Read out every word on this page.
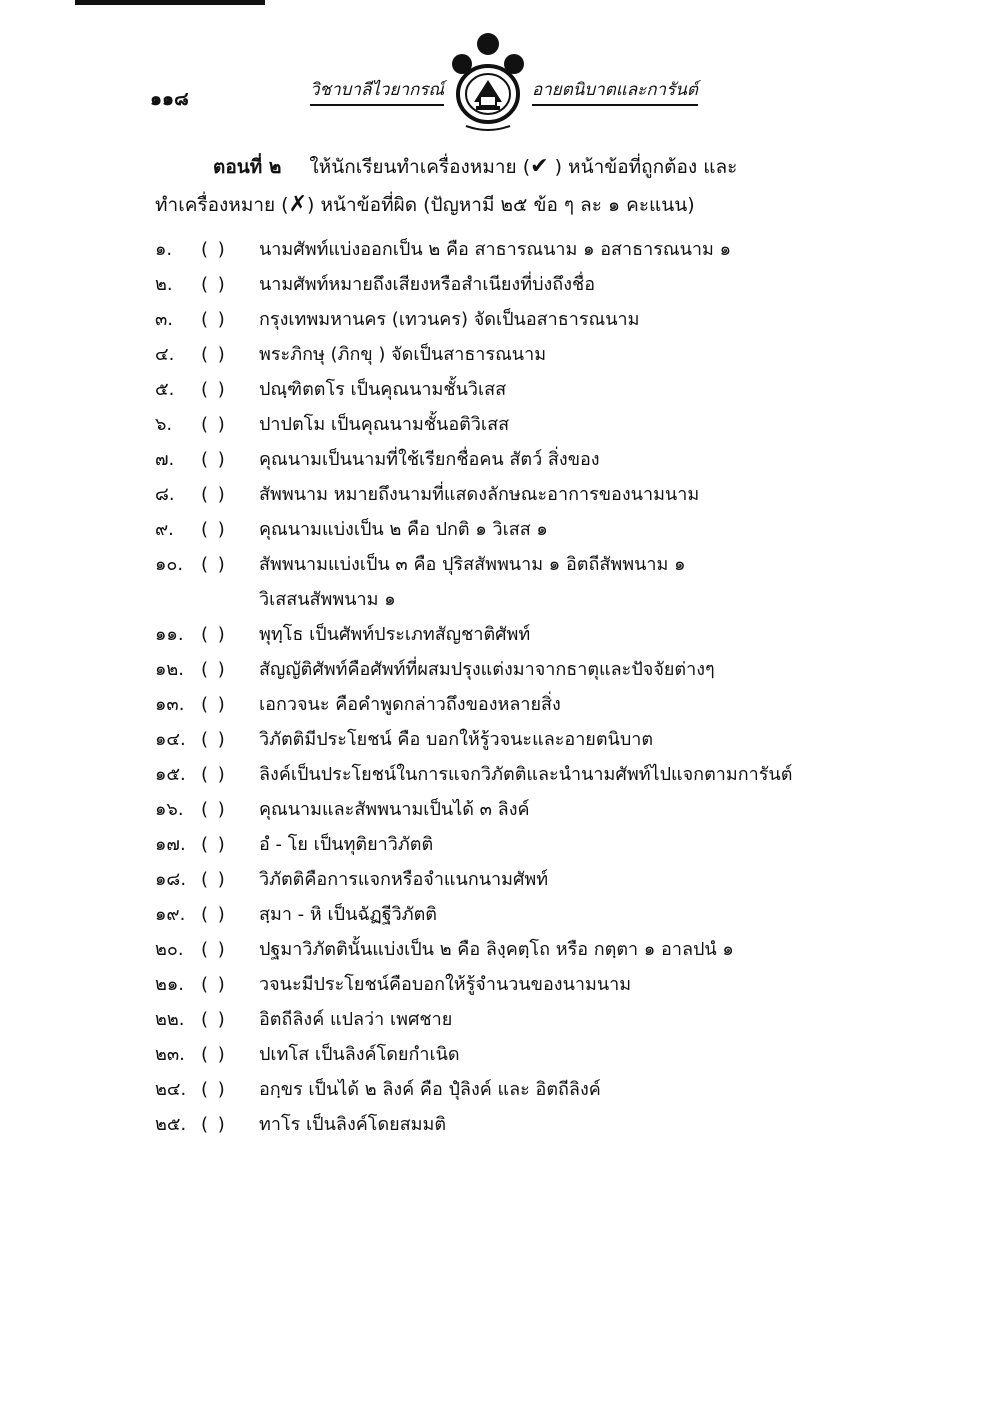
๑๑๘	วิชาบาลีไวยากรณ์	อายตนิบาตและการันต์
ตอนที่ ๒ ให้นักเรียนทำเครื่องหมาย (✔ ) หน้าข้อที่ถูกต้อง และ
ทำเครื่องหมาย (✗) หน้าข้อที่ผิด (ปัญหามี ๒๕ ข้อ ๆ ละ ๑ คะแนน)
๑.	( )	นามศัพท์แบ่งออกเป็น ๒ คือ สาธารณนาม ๑ อสาธารณนาม ๑
๒.	( )	นามศัพท์หมายถึงเสียงหรือสำเนียงที่บ่งถึงชื่อ
๓.	( )	กรุงเทพมหานคร (เทวนคร) จัดเป็นอสาธารณนาม
๔.	( )	พระภิกษุ (ภิกขุ ) จัดเป็นสาธารณนาม
๕.	( )	ปณฺฑิตตโร เป็นคุณนามชั้นวิเสส
๖.	( )	ปาปตโม เป็นคุณนามชั้นอติวิเสส
๗.	( )	คุณนามเป็นนามที่ใช้เรียกชื่อคน สัตว์ สิ่งของ
๘.	( )	สัพพนาม หมายถึงนามที่แสดงลักษณะอาการของนามนาม
๙.	( )	คุณนามแบ่งเป็น ๒ คือ ปกติ ๑ วิเสส ๑
๑๐. ( )	สัพพนามแบ่งเป็น ๓ คือ ปุริสสัพพนาม ๑ อิตถีสัพพนาม ๑
วิเสสนสัพพนาม ๑
๑๑. ( )	พุทฺโธ เป็นศัพท์ประเภทสัญชาติศัพท์
๑๒. ( )	สัญญัติศัพท์คือศัพท์ที่ผสมปรุงแต่งมาจากธาตุและปัจจัยต่างๆ
๑๓. ( )	เอกวจนะ คือคำพูดกล่าวถึงของหลายสิ่ง
๑๔. ( )	วิภัตติมีประโยชน์ คือ บอกให้รู้วจนะและอายตนิบาต
๑๕. ( )	ลิงค์เป็นประโยชน์ในการแจกวิภัตติและนำนามศัพท์ไปแจกตามการันต์
๑๖. ( )	คุณนามและสัพพนามเป็นได้ ๓ ลิงค์
๑๗. ( )	อํ - โย เป็นทุติยาวิภัตติ
๑๘. ( )	วิภัตติคือการแจกหรือจำแนกนามศัพท์
๑๙. ( )	สฺมา - หิ เป็นฉัฏฐีวิภัตติ
๒๐. ( )	ปฐมาวิภัตตินั้นแบ่งเป็น ๒ คือ ลิงฺคตฺโถ หรือ กตฺตา ๑ อาลปนํ ๑
๒๑. ( )	วจนะมีประโยชน์คือบอกให้รู้จำนวนของนามนาม
๒๒. ( )	อิตถีลิงค์ แปลว่า เพศชาย
๒๓. ( )	ปเทโส เป็นลิงค์โดยกำเนิด
๒๔. ( )	อกฺขร เป็นได้ ๒ ลิงค์ คือ ปุํลิงค์ และ อิตถีลิงค์
๒๕. ( )	ทาโร เป็นลิงค์โดยสมมติ
